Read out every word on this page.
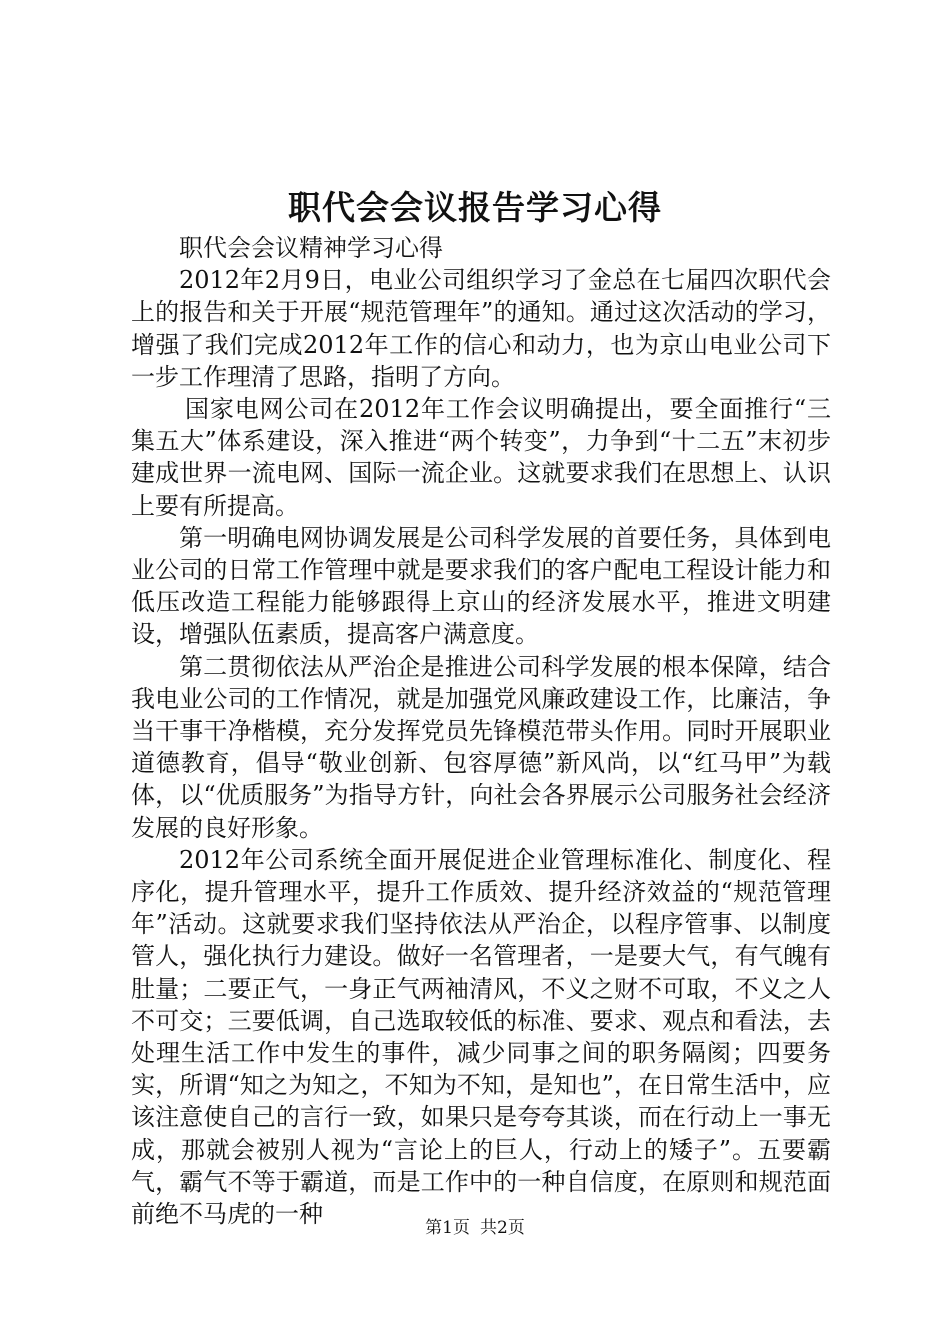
职代会会议报告学习心得

职代会会议精神学习心得

2012年2月9日，电业公司组织学习了金总在七届四次职代会上的报告和关于开展“规范管理年”的通知。通过这次活动的学习，增强了我们完成2012年工作的信心和动力，也为京山电业公司下一步工作理清了思路，指明了方向。

国家电网公司在2012年工作会议明确提出，要全面推行“三集五大”体系建设，深入推进“两个转变”，力争到“十二五”末初步建成世界一流电网、国际一流企业。这就要求我们在思想上、认识上要有所提高。

第一明确电网协调发展是公司科学发展的首要任务，具体到电业公司的日常工作管理中就是要求我们的客户配电工程设计能力和低压改造工程能力能够跟得上京山的经济发展水平，推进文明建设，增强队伍素质，提高客户满意度。

第二贯彻依法从严治企是推进公司科学发展的根本保障，结合我电业公司的工作情况，就是加强党风廉政建设工作，比廉洁，争当干事干净楷模，充分发挥党员先锋模范带头作用。同时开展职业道德教育，倡导“敬业创新、包容厚德”新风尚，以“红马甲”为载体，以“优质服务”为指导方针，向社会各界展示公司服务社会经济发展的良好形象。

2012年公司系统全面开展促进企业管理标准化、制度化、程序化，提升管理水平，提升工作质效、提升经济效益的“规范管理年”活动。这就要求我们坚持依法从严治企，以程序管事、以制度管人，强化执行力建设。做好一名管理者，一是要大气，有气魄有肚量；二要正气，一身正气两袖清风，不义之财不可取，不义之人不可交；三要低调，自己选取较低的标准、要求、观点和看法，去处理生活工作中发生的事件，减少同事之间的职务隔阂；四要务实，所谓“知之为知之，不知为不知，是知也”，在日常生活中，应该注意使自己的言行一致，如果只是夸夸其谈，而在行动上一事无成，那就会被别人视为“言论上的巨人，行动上的矮子”。五要霸气，霸气不等于霸道，而是工作中的一种自信度，在原则和规范面前绝不马虎的一种	第1页 共2页
